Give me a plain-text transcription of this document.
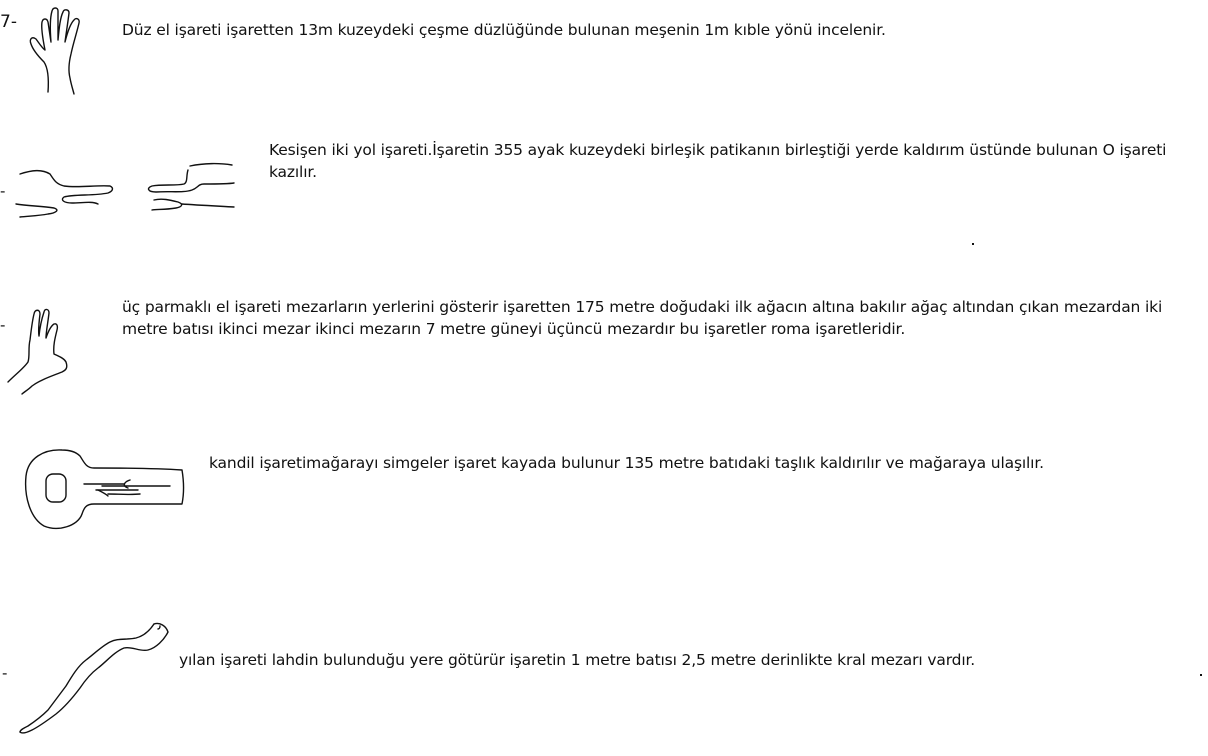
7-	Düz el işareti işaretten 13m kuzeydeki çeşme düzlüğünde bulunan meşenin 1m kıble yönü incelenir.
-
Kesişen iki yol işareti.İşaretin 355 ayak kuzeydeki birleşik patikanın birleştiği yerde kaldırım üstünde bulunan O işareti kazılır.
-
üç parmaklı el işareti mezarların yerlerini gösterir işaretten 175 metre doğudaki ilk ağacın altına bakılır ağaç altından çıkan mezardan iki metre batısı ikinci mezar ikinci mezarın 7 metre güneyi üçüncü mezardır bu işaretler roma işaretleridir.
kandil işaretimağarayı simgeler işaret kayada bulunur 135 metre batıdaki taşlık kaldırılır ve mağaraya ulaşılır.
-
yılan işareti lahdin bulunduğu yere götürür işaretin 1 metre batısı 2,5 metre derinlikte kral mezarı vardır.
